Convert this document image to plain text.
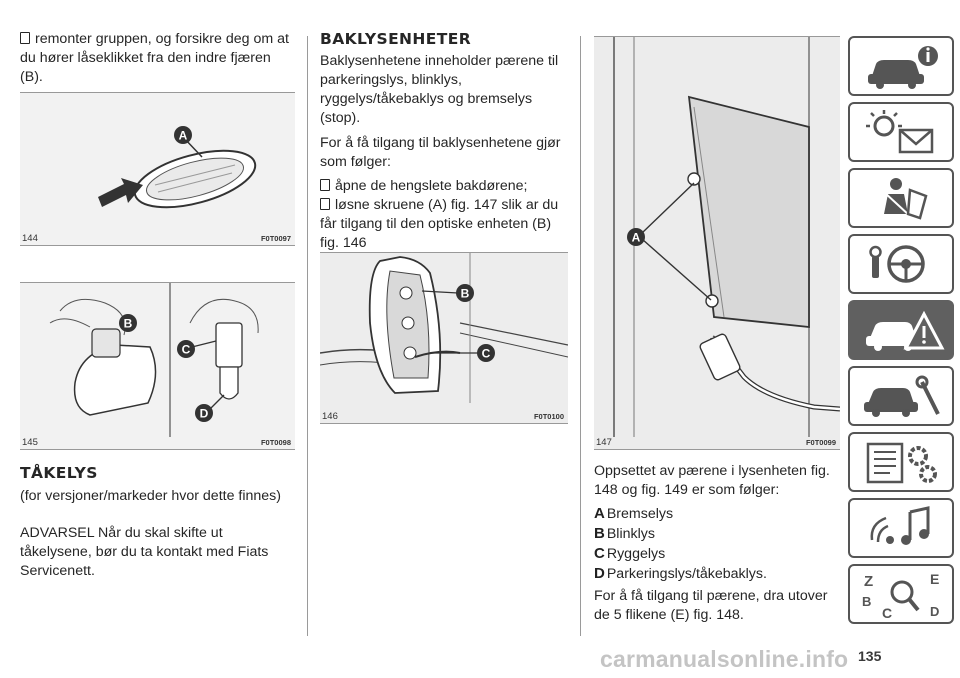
remonter gruppen, og forsikre deg om at du hører låseklikket fra den indre fjæren (B).

A
144	F0T0097
B
C
D
145	F0T0098
TÅKELYS

(for versjoner/markeder hvor dette finnes)

ADVARSEL Når du skal skifte ut tåkelysene, bør du ta kontakt med Fiats Servicenett.

BAKLYSENHETER

Baklysenhetene inneholder pærene til parkeringslys, blinklys, ryggelys/tåkebaklys og bremselys (stop).

For å få tilgang til baklysenhetene gjør som følger:

åpne de hengslete bakdørene;

løsne skruene (A) fig. 147 slik ar du får tilgang til den optiske enheten (B) fig. 146

B
C
146	F0T0100
A
147	F0T0099

Oppsettet av pærene i lysenheten fig. 148 og fig. 149 er som følger:

A Bremselys
B Blinklys
C Ryggelys
D Parkeringslys/tåkebaklys.

For å få tilgang til pærene, dra utover de 5 flikene (E) fig. 148.

Z	E
B
C	D
135
carmanualsonline.info
